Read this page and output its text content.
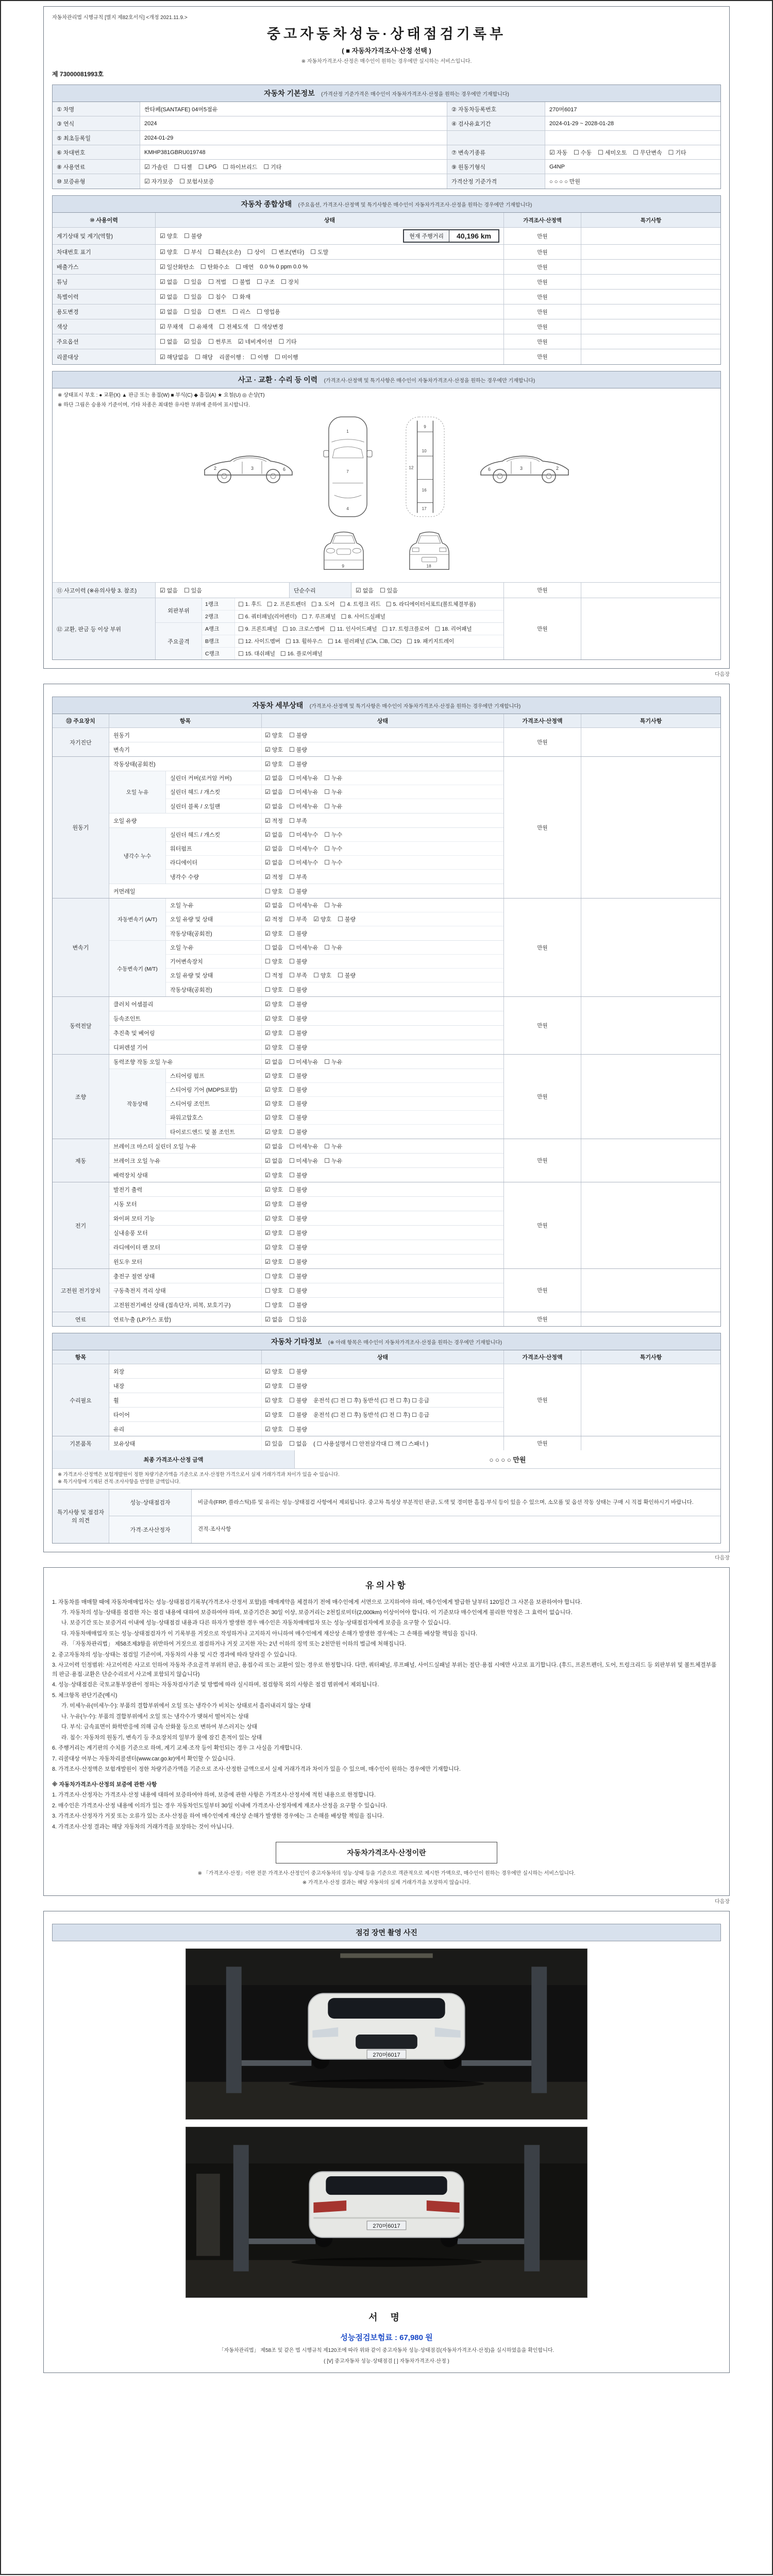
자동차관리법 시행규칙 [별지 제82호서식] <개정 2021.11.9.>
중고자동차성능·상태점검기록부
( ■ 자동차가격조사·산정 선택 )
※ 자동차가격조사·산정은 매수인이 원하는 경우에만 실시하는 서비스입니다.
제 73000081993호
자동차 기본정보 (가격산정 기준가격은 매수인이 자동차가격조사·산정을 원하는 경우에만 기재합니다)
① 차명	싼타페(SANTAFE) 04머5점유	② 자동차등록번호	270머6017
③ 연식	2024	④ 검사유효기간	2024-01-29 ~ 2028-01-28
⑤ 최초등록일	2024-01-29
⑥ 차대번호	KMHP381GBRU019748	⑦ 변속기종류	☑ 자동 ☐ 수동 ☐ 세미오토 ☐ 무단변속 ☐ 기타
⑧ 사용연료	☑ 가솔린 ☐ 디젤 ☐ LPG ☐ 하이브리드 ☐ 기타	⑨ 원동기형식	G4NP
⑩ 보증유형	☑ 자가보증 ☐ 보험사보증	가격산정 기준가격	○ ○ ○ ○ 만원
자동차 종합상태 (주요옵션, 가격조사·산정액 및 특기사항은 매수인이 자동차가격조사·산정을 원하는 경우에만 기재합니다)
⑩ 사용이력	상태	가격조사·산정액	특기사항
계기상태 및 계기(역할)	☑ 양호 ☐ 불량	현재 주행거리	40,196 km	만원
차대번호 표기	☑ 양호 ☐ 부식 ☐ 훼손(오손) ☐ 상이 ☐ 변조(변타) ☐ 도말	만원
배출가스	☑ 일산화탄소 ☐ 탄화수소 ☐ 매연 0.0 % 0 ppm 0.0 %	만원
튜닝	☑ 없음 ☐ 있음 ☐ 적법 ☐ 불법 ☐ 구조 ☐ 장치	만원
특별이력	☑ 없음 ☐ 있음 ☐ 침수 ☐ 화재	만원
용도변경	☑ 없음 ☐ 있음 ☐ 렌트 ☐ 리스 ☐ 영업용	만원
색상	☑ 무채색 ☐ 유채색 ☐ 전체도색 ☐ 색상변경	만원
주요옵션	☐ 없음 ☑ 있음 ☐ 썬루프 ☑ 네비게이션 ☐ 기타	만원
리콜대상	☑ 해당없음 ☐ 해당 리콜이행 : ☐ 이행 ☐ 미이행	만원
사고 · 교환 · 수리 등 이력 (가격조사·산정액 및 특기사항은 매수인이 자동차가격조사·산정을 원하는 경우에만 기재합니다)
※ 상태표시 부호 : ● 교환(X) ▲ 판금 또는 용접(W) ■ 부식(C) ◆ 흠집(A) ★ 요철(U) ◎ 손상(T)
※ 하단 그림은 승용차 기준이며, 기타 차종은 최대한 유사한 부위에 준하여 표시합니다.
2	3	6
1
7
4
9
10
12
16
17
6	3	2
9	18
⑪ 사고이력 (※유의사항 3. 참조)	☑ 없음 ☐ 있음	단순수리	☑ 없음 ☐ 있음	만원
⑫ 교환, 판금 등 이상 부위
외판부위
1랭크	☐ 1. 후드 ☐ 2. 프론트펜더 ☐ 3. 도어 ☐ 4. 트렁크 리드 ☐ 5. 라디에이터서포트(볼트체결부품)
2랭크	☐ 6. 쿼터패널(리어펜더) ☐ 7. 루프패널 ☐ 8. 사이드실패널
주요골격
A랭크	☐ 9. 프론트패널 ☐ 10. 크로스멤버 ☐ 11. 인사이드패널 ☐ 17. 트렁크플로어 ☐ 18. 리어패널
B랭크	☐ 12. 사이드멤버 ☐ 13. 휠하우스 ☐ 14. 필러패널 (☐A, ☐B, ☐C) ☐ 19. 패키지트레이
C랭크	☐ 15. 대쉬패널 ☐ 16. 플로어패널
만원
다음장
자동차 세부상태 (가격조사·산정액 및 특기사항은 매수인이 자동차가격조사·산정을 원하는 경우에만 기재합니다)
⑬ 주요장치	항목	상태	가격조사·산정액	특기사항
자기진단
원동기	☑ 양호 ☐ 불량
변속기	☑ 양호 ☐ 불량
만원
원동기
작동상태(공회전)	☑ 양호 ☐ 불량
오일 누유
실린더 커버(로커암 커버)	☑ 없음 ☐ 미세누유 ☐ 누유
실린더 헤드 / 개스킷	☑ 없음 ☐ 미세누유 ☐ 누유
실린더 블록 / 오일팬	☑ 없음 ☐ 미세누유 ☐ 누유
오일 유량	☑ 적정 ☐ 부족
냉각수 누수
실린더 헤드 / 개스킷	☑ 없음 ☐ 미세누수 ☐ 누수
워터펌프	☑ 없음 ☐ 미세누수 ☐ 누수
라디에이터	☑ 없음 ☐ 미세누수 ☐ 누수
냉각수 수량	☑ 적정 ☐ 부족
커먼레일	☐ 양호 ☐ 불량
만원
변속기
자동변속기 (A/T)
오일 누유	☑ 없음 ☐ 미세누유 ☐ 누유
오일 유량 및 상태	☑ 적정 ☐ 부족 ☑ 양호 ☐ 불량
작동상태(공회전)	☑ 양호 ☐ 불량
수동변속기 (M/T)
오일 누유	☐ 없음 ☐ 미세누유 ☐ 누유
기어변속장치	☐ 양호 ☐ 불량
오일 유량 및 상태	☐ 적정 ☐ 부족 ☐ 양호 ☐ 불량
작동상태(공회전)	☐ 양호 ☐ 불량
만원
동력전달
클러치 어셈블리	☑ 양호 ☐ 불량
등속조인트	☑ 양호 ☐ 불량
추진축 및 베어링	☑ 양호 ☐ 불량
디퍼렌셜 기어	☑ 양호 ☐ 불량
만원
조향
동력조향 작동 오일 누유	☑ 없음 ☐ 미세누유 ☐ 누유
작동상태
스티어링 펌프	☑ 양호 ☐ 불량
스티어링 기어 (MDPS포함)	☑ 양호 ☐ 불량
스티어링 조인트	☑ 양호 ☐ 불량
파워고압호스	☑ 양호 ☐ 불량
타이로드엔드 및 볼 조인트	☑ 양호 ☐ 불량
만원
제동
브레이크 마스터 실린더 오일 누유	☑ 없음 ☐ 미세누유 ☐ 누유
브레이크 오일 누유	☑ 없음 ☐ 미세누유 ☐ 누유
배력장치 상태	☑ 양호 ☐ 불량
만원
전기
발전기 출력	☑ 양호 ☐ 불량
시동 모터	☑ 양호 ☐ 불량
와이퍼 모터 기능	☑ 양호 ☐ 불량
실내송풍 모터	☑ 양호 ☐ 불량
라디에이터 팬 모터	☑ 양호 ☐ 불량
윈도우 모터	☑ 양호 ☐ 불량
만원
고전원 전기장치
충전구 절연 상태	☐ 양호 ☐ 불량
구동축전지 격리 상태	☐ 양호 ☐ 불량
고전원전기배선 상태 (접속단자, 피복, 보호기구)	☐ 양호 ☐ 불량
만원
연료	연료누출 (LP가스 포함)	☑ 없음 ☐ 있음	만원
자동차 기타정보 (※ 아래 항목은 매수인이 자동차가격조사·산정을 원하는 경우에만 기재합니다)
항목	상태	가격조사·산정액	특기사항
수리필요
외장	☑ 양호 ☐ 불량
내장	☑ 양호 ☐ 불량
휠	☑ 양호 ☐ 불량 운전석 (☐ 전 ☐ 후) 동반석 (☐ 전 ☐ 후) ☐ 응급
타이어	☑ 양호 ☐ 불량 운전석 (☐ 전 ☐ 후) 동반석 (☐ 전 ☐ 후) ☐ 응급
유리	☑ 양호 ☐ 불량
만원
기본품목	보유상태	☑ 있음 ☐ 없음 ( ☐ 사용설명서 ☐ 안전삼각대 ☐ 잭 ☐ 스패너 )	만원
최종 가격조사·산정 금액	○ ○ ○ ○ 만원
※ 가격조사·산정액은 보험개발원이 정한 차량기준가액을 기준으로 조사·산정한 가격으로서 실제 거래가격과 차이가 있을 수 있습니다.
※ 특기사항에 기재된 견적·조사사항을 반영한 금액입니다.
특기사항 및 점검자의 의견
성능·상태점검자	비금속(FRP, 플라스틱)류 및 유리는 성능·상태점검 사항에서 제외됩니다. 중고차 특성상 부분적인 판금, 도색 및 경미한 흠집·부식 등이 있을 수 있으며, 소모품 및 옵션 작동 상태는 구매 시 직접 확인하시기 바랍니다.
가격·조사산정자	견적·조사사항
다음장
유의사항

1. 자동차를 매매할 때에 자동차매매업자는 성능·상태점검기록부(가격조사·산정서 포함)를 매매계약을 체결하기 전에 매수인에게 서면으로 고지하여야 하며, 매수인에게 발급한 날부터 120일간 그 사본을 보관하여야 합니다.

가. 자동차의 성능·상태를 점검한 자는 점검 내용에 대하여 보증하여야 하며, 보증기간은 30일 이상, 보증거리는 2천킬로미터(2,000km) 이상이어야 합니다. 이 기준보다 매수인에게 불리한 약정은 그 효력이 없습니다.

나. 보증기간 또는 보증거리 이내에 성능·상태점검 내용과 다른 하자가 발생한 경우 매수인은 자동차매매업자 또는 성능·상태점검자에게 보증을 요구할 수 있습니다.

다. 자동차매매업자 또는 성능·상태점검자가 이 기록부를 거짓으로 작성하거나 고지하지 아니하여 매수인에게 재산상 손해가 발생한 경우에는 그 손해를 배상할 책임을 집니다.

라. 「자동차관리법」 제58조제3항을 위반하여 거짓으로 점검하거나 거짓 고지한 자는 2년 이하의 징역 또는 2천만원 이하의 벌금에 처해집니다.

2. 중고자동차의 성능·상태는 점검일 기준이며, 자동차의 사용 및 시간 경과에 따라 달라질 수 있습니다.

3. 사고이력 인정범위: 사고이력은 사고로 인하여 자동차 주요골격 부위의 판금, 용접수리 또는 교환이 있는 경우로 한정합니다. 다만, 쿼터패널, 루프패널, 사이드실패널 부위는 절단·용접 시에만 사고로 표기합니다. (후드, 프론트펜더, 도어, 트렁크리드 등 외판부위 및 볼트체결부품의 판금·용접·교환은 단순수리로서 사고에 포함되지 않습니다)

4. 성능·상태점검은 국토교통부장관이 정하는 자동차검사기준 및 방법에 따라 실시하며, 점검항목 외의 사항은 점검 범위에서 제외됩니다.

5. 체크항목 판단기준(예시)

가. 미세누유(미세누수): 부품의 결합부위에서 오일 또는 냉각수가 비치는 상태로서 흘러내리지 않는 상태

나. 누유(누수): 부품의 결합부위에서 오일 또는 냉각수가 맺혀서 떨어지는 상태

다. 부식: 금속표면이 화학반응에 의해 금속 산화물 등으로 변하여 부스러지는 상태

라. 침수: 자동차의 원동기, 변속기 등 주요장치의 일부가 물에 잠긴 흔적이 있는 상태

6. 주행거리는 계기판의 수치를 기준으로 하며, 계기 교체·조작 등이 확인되는 경우 그 사실을 기재합니다.

7. 리콜대상 여부는 자동차리콜센터(www.car.go.kr)에서 확인할 수 있습니다.

8. 가격조사·산정액은 보험개발원이 정한 차량기준가액을 기준으로 조사·산정한 금액으로서 실제 거래가격과 차이가 있을 수 있으며, 매수인이 원하는 경우에만 기재합니다.

※ 자동차가격조사·산정의 보증에 관한 사항

1. 가격조사·산정자는 가격조사·산정 내용에 대하여 보증하여야 하며, 보증에 관한 사항은 가격조사·산정서에 적힌 내용으로 한정합니다.

2. 매수인은 가격조사·산정 내용에 이의가 있는 경우 자동차인도일부터 30일 이내에 가격조사·산정자에게 재조사·산정을 요구할 수 있습니다.

3. 가격조사·산정자가 거짓 또는 오류가 있는 조사·산정을 하여 매수인에게 재산상 손해가 발생한 경우에는 그 손해를 배상할 책임을 집니다.

4. 가격조사·산정 결과는 해당 자동차의 거래가격을 보장하는 것이 아닙니다.

자동차가격조사·산정이란
※ 「가격조사·산정」이란 전문 가격조사·산정인이 중고자동차의 성능·상태 등을 기준으로 객관적으로 제시한 가액으로, 매수인이 원하는 경우에만 실시하는 서비스입니다.
※ 가격조사·산정 결과는 해당 자동차의 실제 거래가격을 보장하지 않습니다.
다음장
점검 장면 촬영 사진
270머6017
270머6017
서 명
성능점검보험료 : 67,980 원

「자동차관리법」 제58조 및 같은 법 시행규칙 제120조에 따라 위와 같이 중고자동차 성능·상태점검(자동차가격조사·산정)을 실시하였음을 확인합니다.

( [V] 중고자동차 성능·상태점검 [ ] 자동차가격조사·산정 )
